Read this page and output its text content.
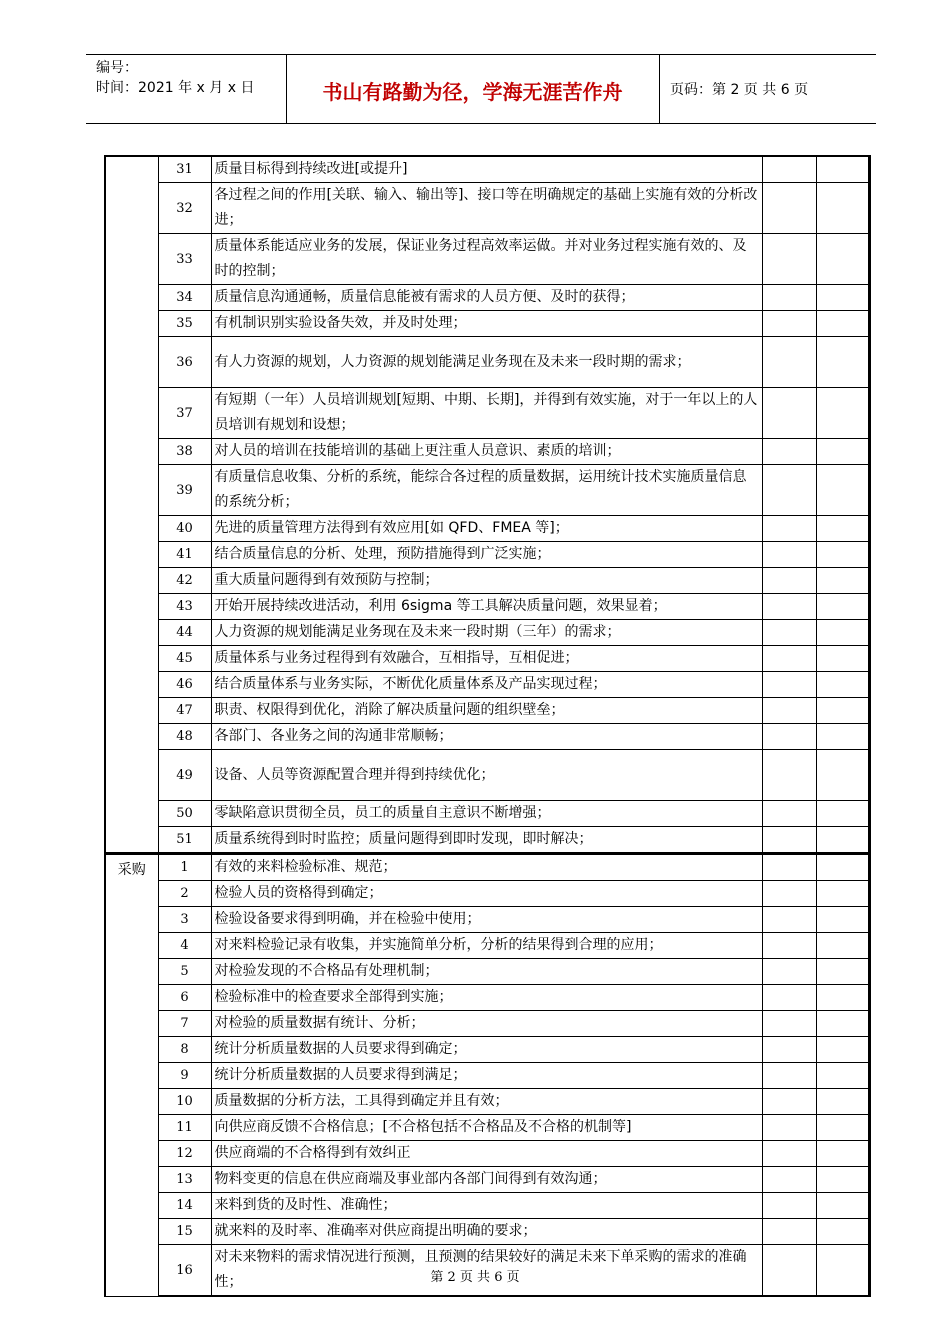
编号：
时间：2021 年 x 月 x 日	书山有路勤为径，学海无涯苦作舟	页码：第 2 页 共 6 页
	31	质量目标得到持续改进[或提升]		
	32	各过程之间的作用[关联、输入、输出等]、接口等在明确规定的基础上实施有效的分析改进；		
	33	质量体系能适应业务的发展，保证业务过程高效率运做。并对业务过程实施有效的、及时的控制；		
	34	质量信息沟通通畅，质量信息能被有需求的人员方便、及时的获得；		
	35	有机制识别实验设备失效，并及时处理；		
	36	有人力资源的规划，人力资源的规划能满足业务现在及未来一段时期的需求；		
	37	有短期（一年）人员培训规划[短期、中期、长期]，并得到有效实施，对于一年以上的人员培训有规划和设想；		
	38	对人员的培训在技能培训的基础上更注重人员意识、素质的培训；		
	39	有质量信息收集、分析的系统，能综合各过程的质量数据，运用统计技术实施质量信息的系统分析；		
	40	先进的质量管理方法得到有效应用[如 QFD、FMEA 等]；		
	41	结合质量信息的分析、处理，预防措施得到广泛实施；		
	42	重大质量问题得到有效预防与控制；		
	43	开始开展持续改进活动，利用 6sigma 等工具解决质量问题，效果显着；		
	44	人力资源的规划能满足业务现在及未来一段时期（三年）的需求；		
	45	质量体系与业务过程得到有效融合，互相指导，互相促进；		
	46	结合质量体系与业务实际，不断优化质量体系及产品实现过程；		
	47	职责、权限得到优化，消除了解决质量问题的组织壁垒；		
	48	各部门、各业务之间的沟通非常顺畅；		
	49	设备、人员等资源配置合理并得到持续优化；		
	50	零缺陷意识贯彻全员，员工的质量自主意识不断增强；		
	51	质量系统得到时时监控；质量问题得到即时发现，即时解决；		
采购	1	有效的来料检验标准、规范；		
	2	检验人员的资格得到确定；		
	3	检验设备要求得到明确，并在检验中使用；		
	4	对来料检验记录有收集，并实施简单分析，分析的结果得到合理的应用；		
	5	对检验发现的不合格品有处理机制；		
	6	检验标准中的检查要求全部得到实施；		
	7	对检验的质量数据有统计、分析；		
	8	统计分析质量数据的人员要求得到确定；		
	9	统计分析质量数据的人员要求得到满足；		
	10	质量数据的分析方法，工具得到确定并且有效；		
	11	向供应商反馈不合格信息；[不合格包括不合格品及不合格的机制等]		
	12	供应商端的不合格得到有效纠正		
	13	物料变更的信息在供应商端及事业部内各部门间得到有效沟通；		
	14	来料到货的及时性、准确性；		
	15	就来料的及时率、准确率对供应商提出明确的要求；		
	16	对未来物料的需求情况进行预测，且预测的结果较好的满足未来下单采购的需求的准确性；			第 2 页 共 6 页
